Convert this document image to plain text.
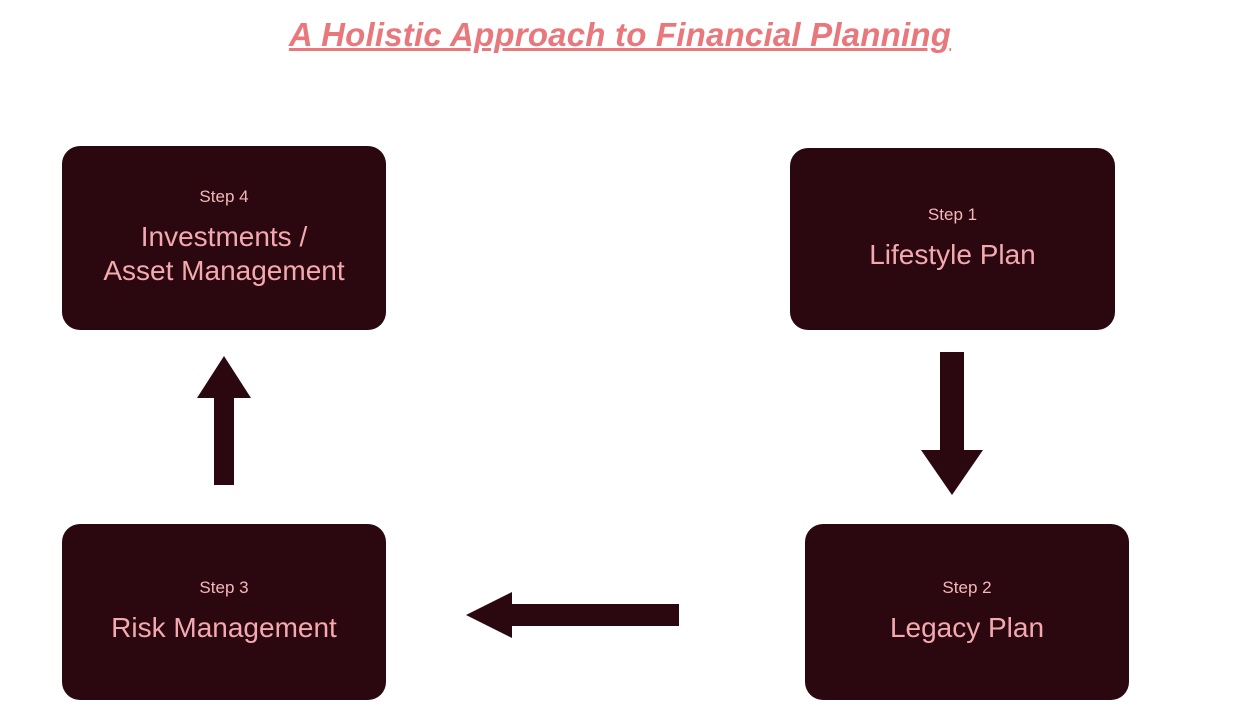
A Holistic Approach to Financial Planning
Step 4
Investments /
Asset Management
Step 1
Lifestyle Plan
Step 3
Risk Management
Step 2
Legacy Plan
